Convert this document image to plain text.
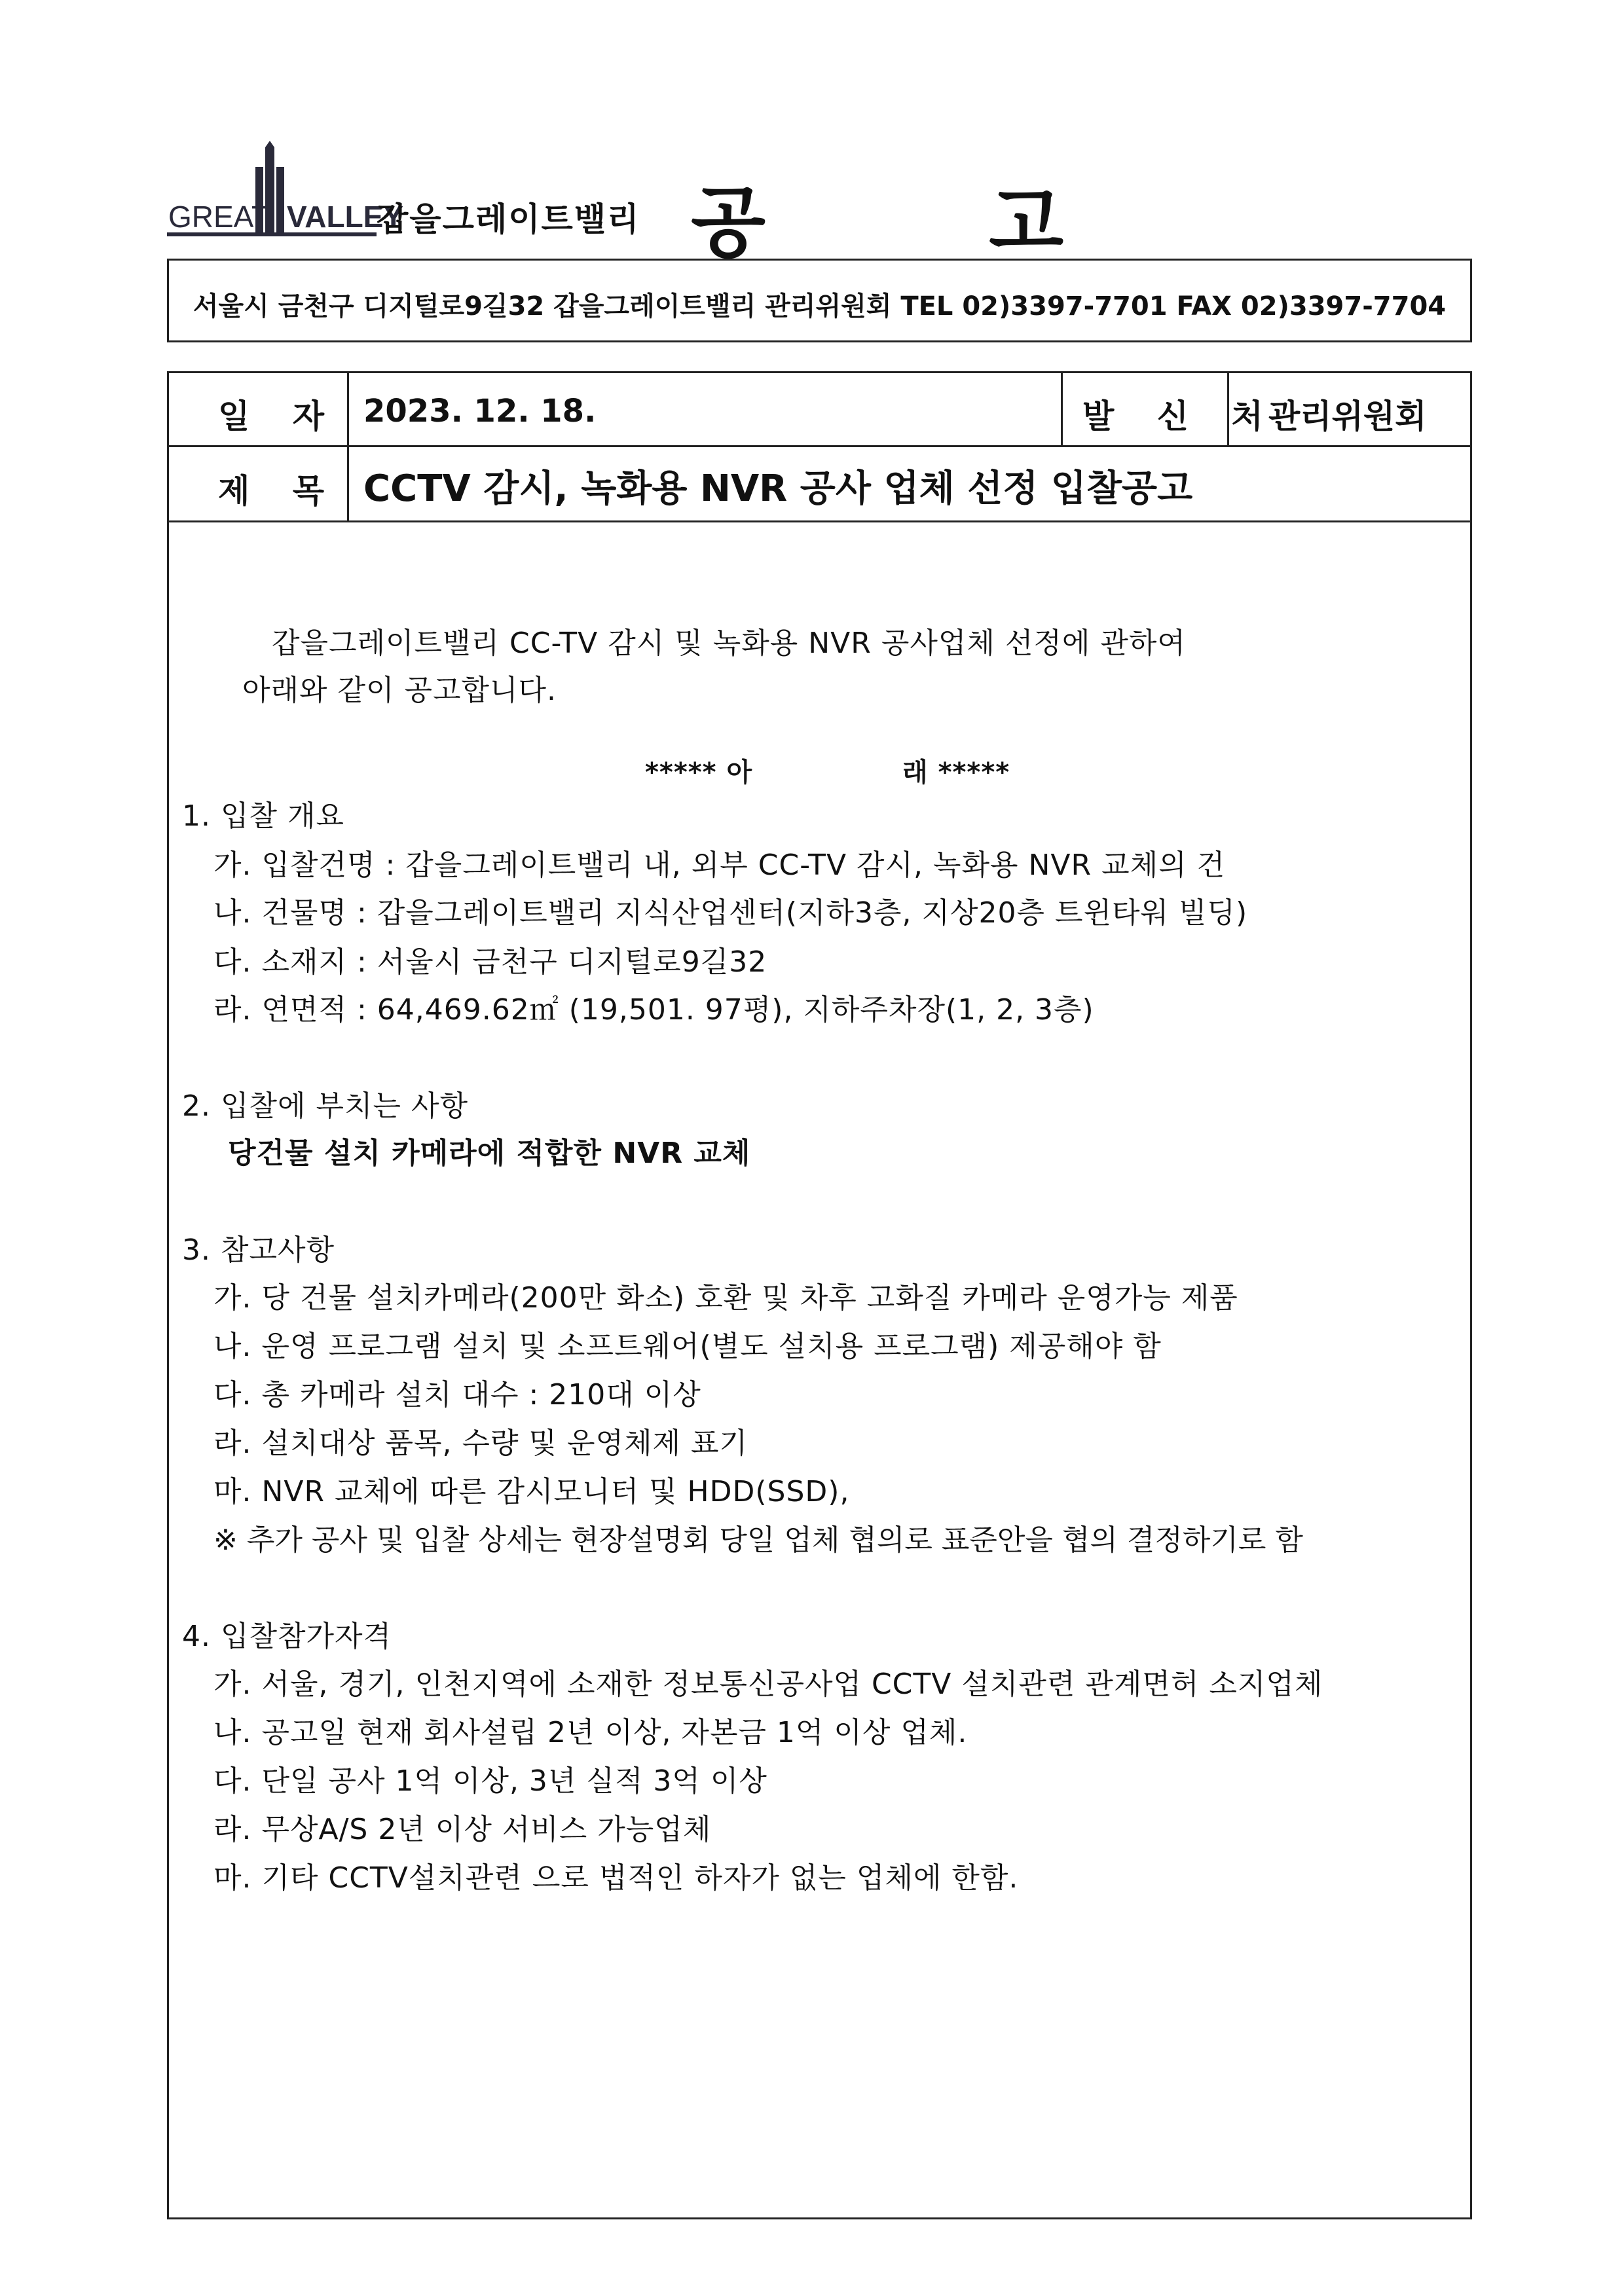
GREAT VALLEY
갑을그레이트밸리 공 고
서울시 금천구 디지털로9길32 갑을그레이트밸리 관리위원회 TEL 02)3397-7701 FAX 02)3397-7704
일 자 2023. 12. 18.	발 신 처
관리위원회
제 목 CCTV 감시, 녹화용 NVR 공사 업체 선정 입찰공고
갑을그레이트밸리 CC-TV 감시 및 녹화용 NVR 공사업체 선정에 관하여
아래와 같이 공고합니다.
***** 아	래 *****
1. 입찰 개요
가. 입찰건명 : 갑을그레이트밸리 내, 외부 CC-TV 감시, 녹화용 NVR 교체의 건
나. 건물명 : 갑을그레이트밸리 지식산업센터(지하3층, 지상20층 트윈타워 빌딩)
다. 소재지 : 서울시 금천구 디지털로9길32
라. 연면적 : 64,469.62㎡ (19,501. 97평), 지하주차장(1, 2, 3층)
2. 입찰에 부치는 사항
당건물 설치 카메라에 적합한 NVR 교체
3. 참고사항
가. 당 건물 설치카메라(200만 화소) 호환 및 차후 고화질 카메라 운영가능 제품
나. 운영 프로그램 설치 및 소프트웨어(별도 설치용 프로그램) 제공해야 함
다. 총 카메라 설치 대수 : 210대 이상
라. 설치대상 품목, 수량 및 운영체제 표기
마. NVR 교체에 따른 감시모니터 및 HDD(SSD),
※ 추가 공사 및 입찰 상세는 현장설명회 당일 업체 협의로 표준안을 협의 결정하기로 함
4. 입찰참가자격
가. 서울, 경기, 인천지역에 소재한 정보통신공사업 CCTV 설치관련 관계면허 소지업체
나. 공고일 현재 회사설립 2년 이상, 자본금 1억 이상 업체.
다. 단일 공사 1억 이상, 3년 실적 3억 이상
라. 무상A/S 2년 이상 서비스 가능업체
마. 기타 CCTV설치관련 으로 법적인 하자가 없는 업체에 한함.
